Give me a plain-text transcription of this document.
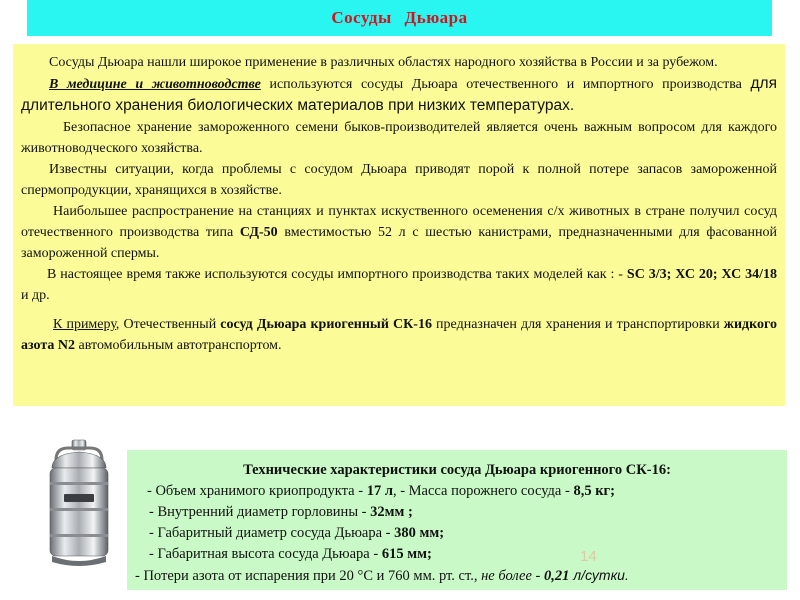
Сосуды Дьюара

Сосуды Дьюара нашли широкое применение в различных областях народного хозяйства в России и за рубежом.

В медицине и животноводстве используются сосуды Дьюара отечественного и импортного производства для длительного хранения биологических материалов при низких температурах.

Безопасное хранение замороженного семени быков-производителей является очень важным вопросом для каждого животноводческого хозяйства.

Известны ситуации, когда проблемы с сосудом Дьюара приводят порой к полной потере запасов замороженной спермопродукции, хранящихся в хозяйстве.

Наибольшее распространение на станциях и пунктах искуственного осеменения с/х животных в стране получил сосуд отечественного производства типа СД-50 вместимостью 52 л с шестью канистрами, предназначенными для фасованной замороженной спермы.

В настоящее время также используются сосуды импортного производства таких моделей как : - SC 3/3; ХС 20; ХС 34/18 и др.

К примеру, Отечественный сосуд Дьюара криогенный СК-16 предназначен для хранения и транспортировки жидкого азота N2 автомобильным автотранспортом.

Технические характеристики сосуда Дьюара криогенного СК-16:

- Объем хранимого криопродукта - 17 л, - Масса порожнего сосуда - 8,5 кг;

- Внутренний диаметр горловины - 32мм ;

- Габаритный диаметр сосуда Дьюара - 380 мм;

- Габаритная высота сосуда Дьюара - 615 мм;

- Потери азота от испарения при 20 °С и 760 мм. рт. ст., не более - 0,21 л/сутки.

14
